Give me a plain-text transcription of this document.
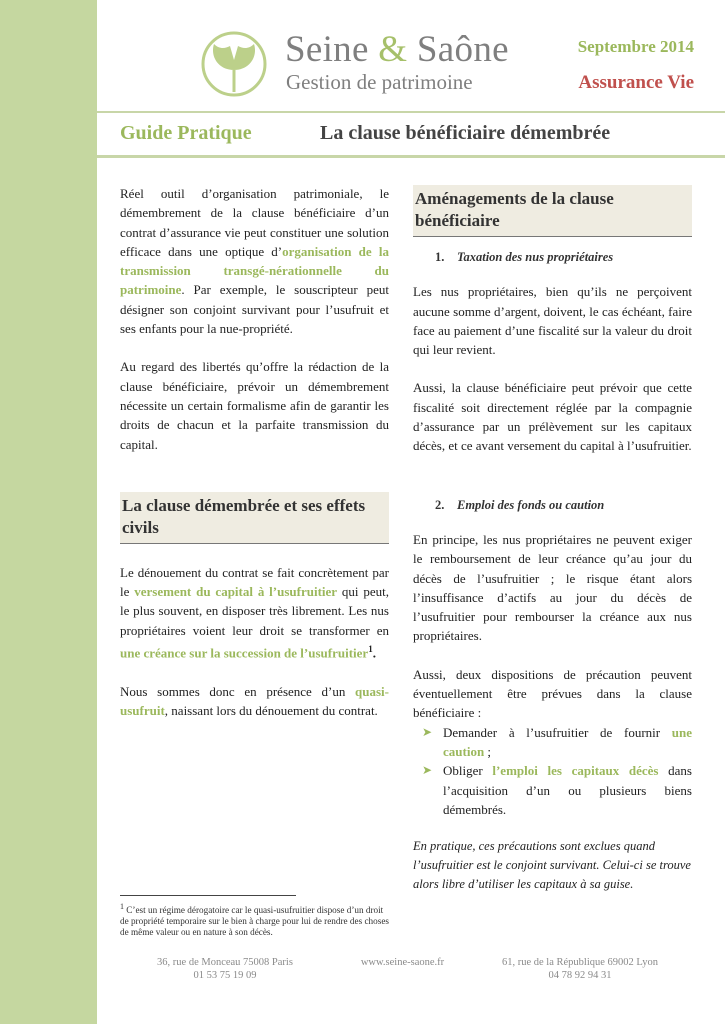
Seine & Saône
Gestion de patrimoine
Septembre 2014
Assurance Vie
Guide Pratique	La clause bénéficiaire démembrée

Réel outil d’organisation patrimoniale, le démembrement de la clause bénéficiaire d’un contrat d’assurance vie peut constituer une solution efficace dans une optique d’organisation de la transmission transgé-nérationnelle du patrimoine. Par exemple, le souscripteur peut désigner son conjoint survivant pour l’usufruit et ses enfants pour la nue-propriété.

Au regard des libertés qu’offre la rédaction de la clause bénéficiaire, prévoir un démembrement nécessite un certain formalisme afin de garantir les droits de chacun et la parfaite transmission du capital.

La clause démembrée et ses effets civils

Le dénouement du contrat se fait concrètement par le versement du capital à l’usufruitier qui peut, le plus souvent, en disposer très librement. Les nus propriétaires voient leur droit se transformer en une créance sur la succession de l’usufruitier$^1$.

Nous sommes donc en présence d’un quasi-usufruit, naissant lors du dénouement du contrat.

Aménagements de la clause bénéficiaire
1. Taxation des nus propriétaires

Les nus propriétaires, bien qu’ils ne perçoivent aucune somme d’argent, doivent, le cas échéant, faire face au paiement d’une fiscalité sur la valeur du droit qui leur revient.

Aussi, la clause bénéficiaire peut prévoir que cette fiscalité soit directement réglée par la compagnie d’assurance par un prélèvement sur les capitaux décès, et ce avant versement du capital à l’usufruitier.

2. Emploi des fonds ou caution

En principe, les nus propriétaires ne peuvent exiger le remboursement de leur créance qu’au jour du décès de l’usufruitier ; le risque étant alors l’insuffisance d’actifs au jour du décès de l’usufruitier pour rembourser la créance aux nus propriétaires.

Aussi, deux dispositions de précaution peuvent éventuellement être prévues dans la clause bénéficiaire :

➤ Demander à l’usufruitier de fournir une caution ;
➤ Obliger l’emploi les capitaux décès dans l’acquisition d’un ou plusieurs biens démembrés.

En pratique, ces précautions sont exclues quand l’usufruitier est le conjoint survivant. Celui-ci se trouve alors libre d’utiliser les capitaux à sa guise.

$^1$ C’est un régime dérogatoire car le quasi-usufruitier dispose d’un droit de propriété temporaire sur le bien à charge pour lui de rendre des choses de même valeur ou en nature à son décès.
36, rue de Monceau 75008 Paris
01 53 75 19 09
www.seine-saone.fr	61, rue de la République 69002 Lyon
04 78 92 94 31
